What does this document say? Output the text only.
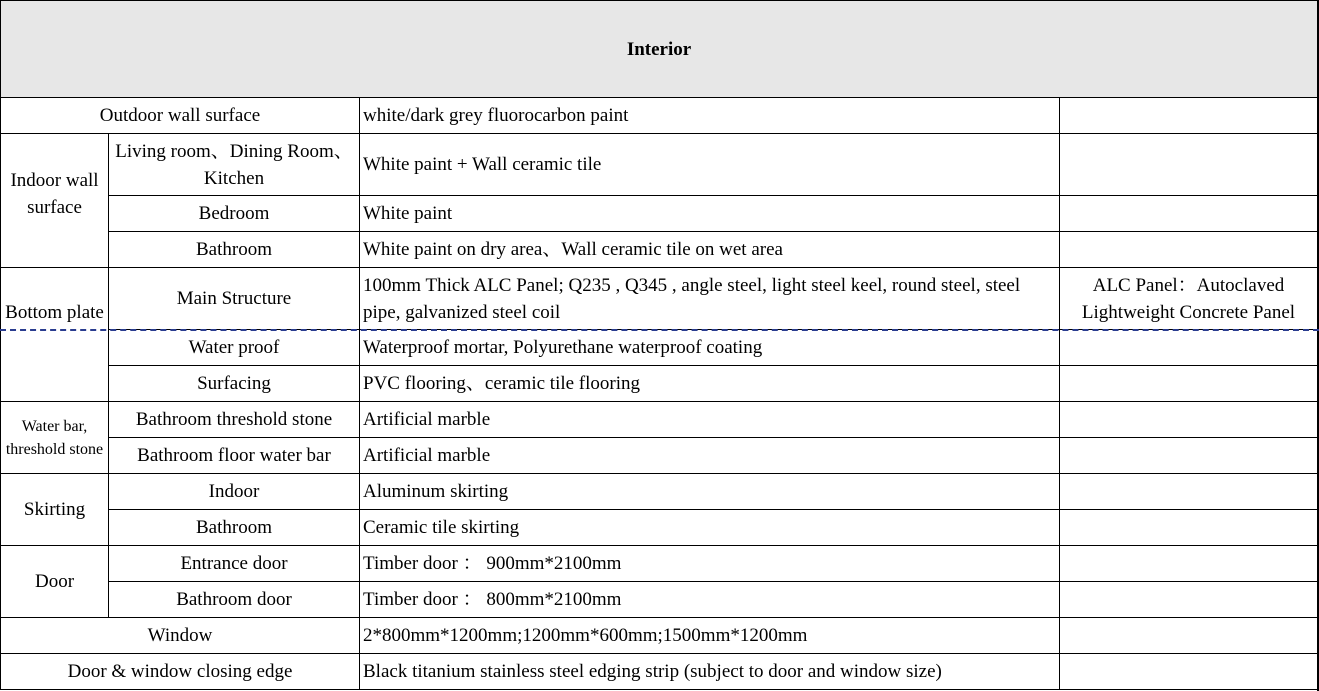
Interior			
Outdoor wall surface		white/dark grey fluorocarbon paint	
Indoor wall surface	Living room、Dining Room、Kitchen	White paint + Wall ceramic tile	
	Bedroom	White paint	
	Bathroom	White paint on dry area、Wall ceramic tile on wet area	
Bottom plate	Main Structure	100mm Thick ALC Panel; Q235 , Q345 , angle steel, light steel keel, round steel, steel pipe, galvanized steel coil	ALC Panel：Autoclaved Lightweight Concrete Panel
	Water proof	Waterproof mortar, Polyurethane waterproof coating	
	Surfacing	PVC flooring、ceramic tile flooring	
Water bar, threshold stone	Bathroom threshold stone	Artificial marble	
	Bathroom floor water bar	Artificial marble	
Skirting	Indoor	Aluminum skirting	
	Bathroom	Ceramic tile skirting	
Door	Entrance door	Timber door ： 900mm*2100mm	
	Bathroom door	Timber door ： 800mm*2100mm	
Window		2*800mm*1200mm;1200mm*600mm;1500mm*1200mm	
Door & window closing edge		Black titanium stainless steel edging strip (subject to door and window size)	
